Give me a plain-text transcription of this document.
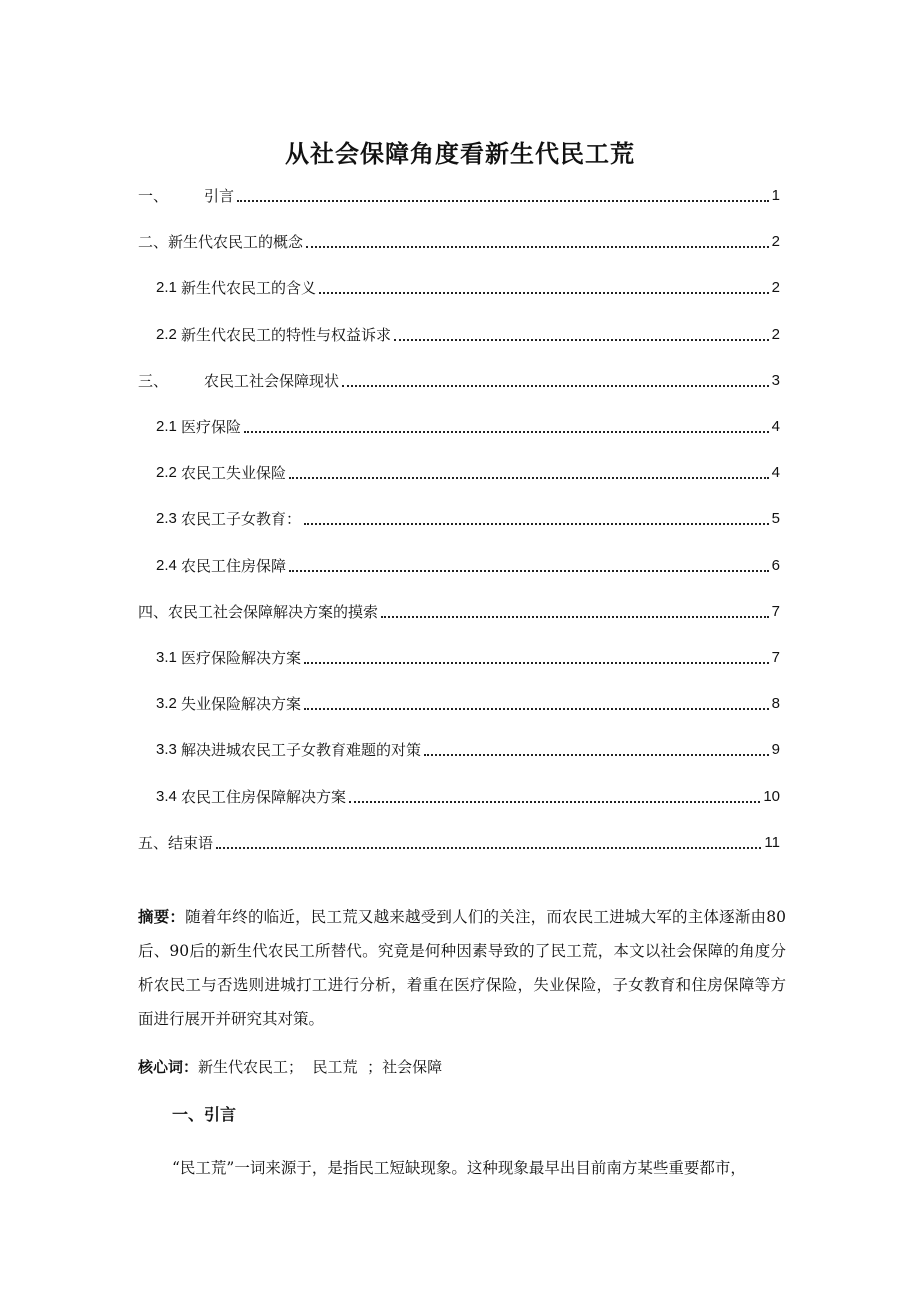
从社会保障角度看新生代民工荒
一、	引言	1
二、 新生代农民工的概念	2
2.1 新生代农民工的含义	2
2.2 新生代农民工的特性与权益诉求	2
三、	农民工社会保障现状	3
2.1 医疗保险	4
2.2 农民工失业保险	4
2.3 农民工子女教育：	5
2.4 农民工住房保障	6
四、 农民工社会保障解决方案的摸索	7
3.1 医疗保险解决方案	7
3.2 失业保险解决方案	8
3.3 解决进城农民工子女教育难题的对策	9
3.4 农民工住房保障解决方案	10
五、 结束语	11

摘要：随着年终的临近，民工荒又越来越受到人们的关注，而农民工进城大军的主体逐渐由80后、90后的新生代农民工所替代。究竟是何种因素导致的了民工荒，本文以社会保障的角度分析农民工与否选则进城打工进行分析，着重在医疗保险，失业保险，子女教育和住房保障等方面进行展开并研究其对策。

核心词：新生代农民工；  民工荒  ；社会保障

一、引言

“民工荒”一词来源于，是指民工短缺现象。这种现象最早出目前南方某些重要都市，
